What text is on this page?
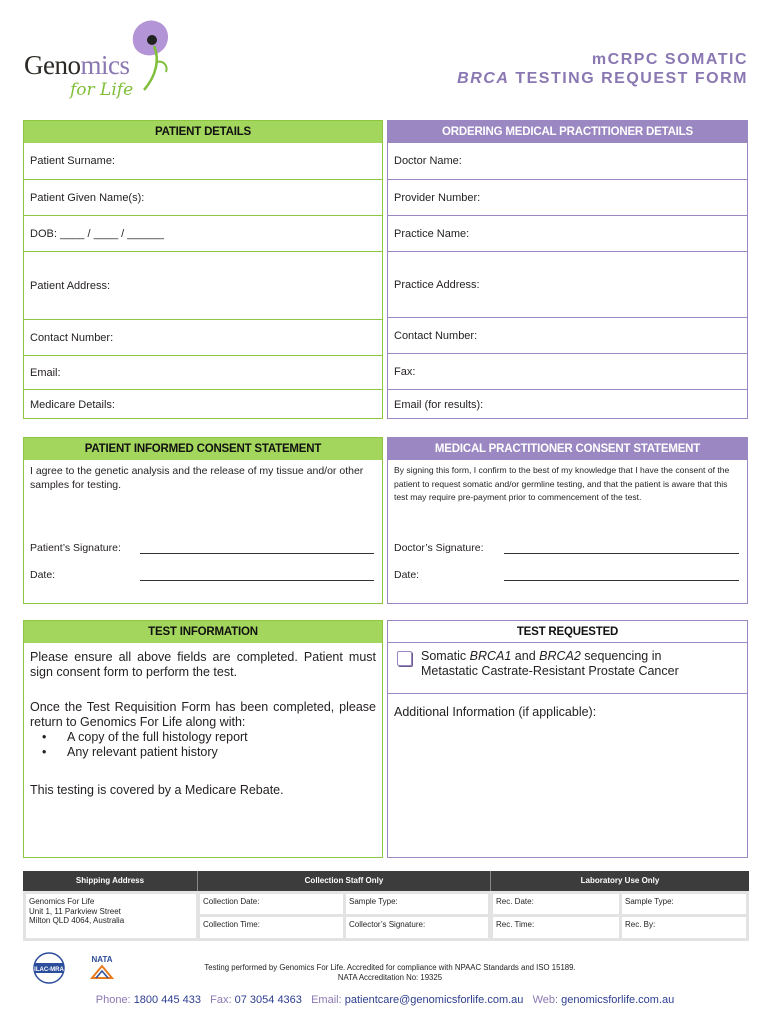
Genomics
for Life
mCRPC SOMATIC
BRCA TESTING REQUEST FORM
PATIENT DETAILS
Patient Surname:
Patient Given Name(s):
DOB: ____ / ____ / ______
Patient Address:
Contact Number:
Email:
Medicare Details:
ORDERING MEDICAL PRACTITIONER DETAILS
Doctor Name:
Provider Number:
Practice Name:
Practice Address:
Contact Number:
Fax:
Email (for results):
PATIENT INFORMED CONSENT STATEMENT
I agree to the genetic analysis and the release of my tissue and/or other samples for testing.
Patient’s Signature:
Date:
MEDICAL PRACTITIONER CONSENT STATEMENT
By signing this form, I confirm to the best of my knowledge that I have the consent of the patient to request somatic and/or germline testing, and that the patient is aware that this test may require pre-payment prior to commencement of the test.
Doctor’s Signature:
Date:
TEST INFORMATION
Please ensure all above fields are completed. Patient must sign consent form to perform the test.
Once the Test Requisition Form has been completed, please return to Genomics For Life along with:
• A copy of the full histology report
• Any relevant patient history
This testing is covered by a Medicare Rebate.
TEST REQUESTED
Somatic BRCA1 and BRCA2 sequencing in
Metastatic Castrate-Resistant Prostate Cancer
Additional Information (if applicable):
Shipping Address	Collection Staff Only	Laboratory Use Only
Genomics For Life
Unit 1, 11 Parkview Street
Milton QLD 4064, Australia
Collection Date:	Sample Type:
Collection Time:	Collector’s Signature:
Rec. Date:	Sample Type:
Rec. Time:	Rec. By:
ILAC-MRA
NATA
Testing performed by Genomics For Life. Accredited for compliance with NPAAC Standards and ISO 15189.
NATA Accreditation No: 19325
Phone: 1800 445 433 Fax: 07 3054 4363 Email: patientcare@genomicsforlife.com.au Web: genomicsforlife.com.au
